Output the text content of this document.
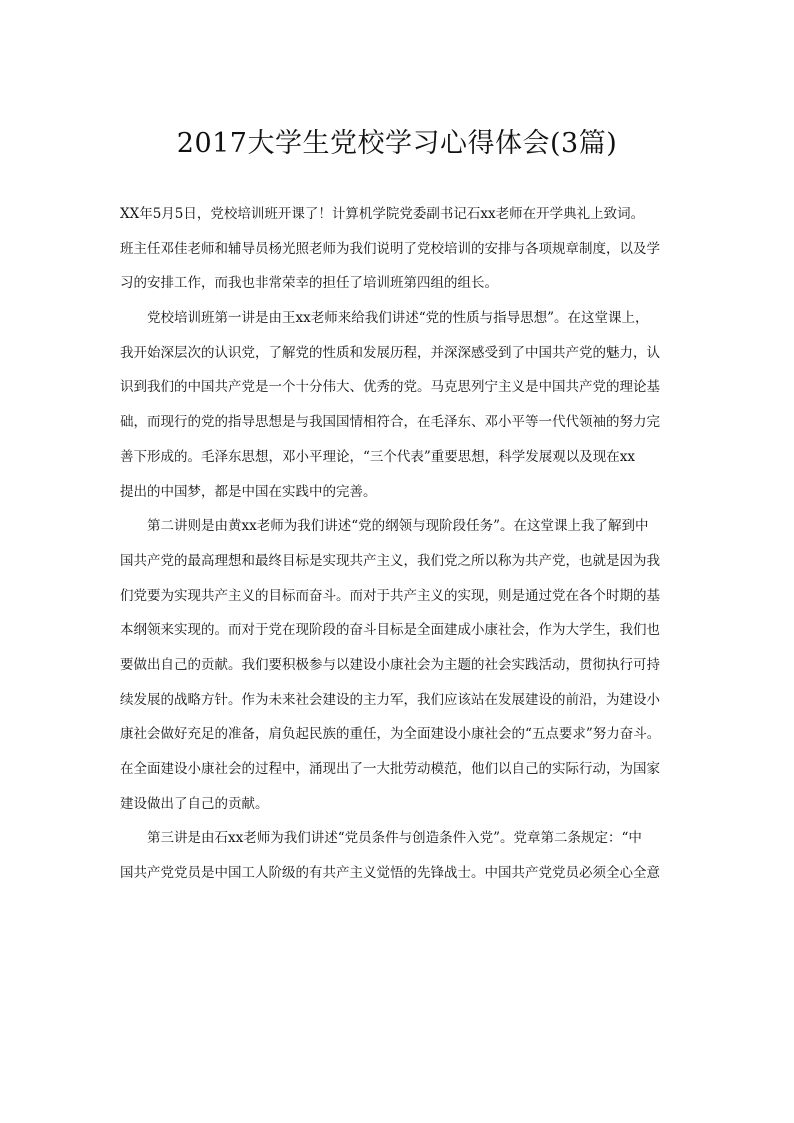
2017大学生党校学习心得体会(3篇)

XX年5月5日，党校培训班开课了！计算机学院党委副书记石xx老师在开学典礼上致词。
班主任邓佳老师和辅导员杨光照老师为我们说明了党校培训的安排与各项规章制度，以及学
习的安排工作，而我也非常荣幸的担任了培训班第四组的组长。

党校培训班第一讲是由王xx老师来给我们讲述“党的性质与指导思想”。在这堂课上，
我开始深层次的认识党，了解党的性质和发展历程，并深深感受到了中国共产党的魅力，认
识到我们的中国共产党是一个十分伟大、优秀的党。马克思列宁主义是中国共产党的理论基
础，而现行的党的指导思想是与我国国情相符合，在毛泽东、邓小平等一代代领袖的努力完
善下形成的。毛泽东思想，邓小平理论，“三个代表”重要思想，科学发展观以及现在xx
提出的中国梦，都是中国在实践中的完善。

第二讲则是由黄xx老师为我们讲述“党的纲领与现阶段任务”。在这堂课上我了解到中
国共产党的最高理想和最终目标是实现共产主义，我们党之所以称为共产党，也就是因为我
们党要为实现共产主义的目标而奋斗。而对于共产主义的实现，则是通过党在各个时期的基
本纲领来实现的。而对于党在现阶段的奋斗目标是全面建成小康社会，作为大学生，我们也
要做出自己的贡献。我们要积极参与以建设小康社会为主题的社会实践活动，贯彻执行可持
续发展的战略方针。作为未来社会建设的主力军，我们应该站在发展建设的前沿，为建设小
康社会做好充足的准备，肩负起民族的重任，为全面建设小康社会的“五点要求”努力奋斗。
在全面建设小康社会的过程中，涌现出了一大批劳动模范，他们以自己的实际行动，为国家
建设做出了自己的贡献。

第三讲是由石xx老师为我们讲述“党员条件与创造条件入党”。党章第二条规定：“中
国共产党党员是中国工人阶级的有共产主义觉悟的先锋战士。中国共产党党员必须全心全意
